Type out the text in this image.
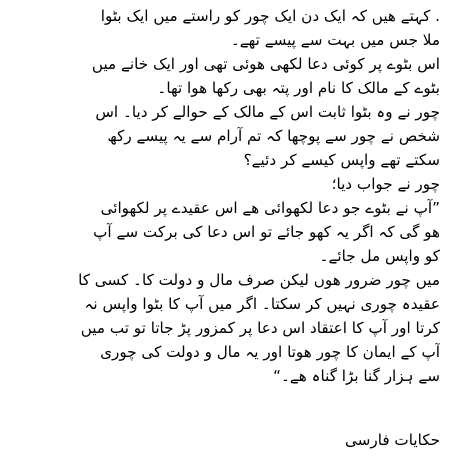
. کہتے ھیں کہ ایک دن ایک چور کو راستے میں ایک بٹوا
ملا جس میں بہت سے پیسے تھے۔
اس بٹوے پر کوئی دعا لکھی ھوئی تھی اور ایک خانے میں
بٹوے کے مالک کا نام اور پتہ بھی رکھا ھوا تھا۔
چور نے وہ بٹوا ثابت اس کے مالک کے حوالے کر دیا۔ اس
شخص نے چور سے پوچھا کہ تم آرام سے یہ پیسے رکھ
سکتے تھے واپس کیسے کر دئیے؟
چور نے جواب دیا؛
”آپ نے بٹوے جو دعا لکھوائی ھے اس عقیدے پر لکھوائی
ھو گی کہ اگر یہ کھو جائے تو اس دعا کی برکت سے آپ
کو واپس مل جائے۔
میں چور ضرور ھوں لیکن صرف مال و دولت کا۔ کسی کا
عقیدہ چوری نہیں کر سکتا۔ اگر میں آپ کا بٹوا واپس نہ
کرتا اور آپ کا اعتقاد اس دعا پر کمزور پڑ جاتا تو تب میں
آپ کے ایمان کا چور ھوتا اور یہ مال و دولت کی چوری
سے ہزار گنا بڑا گناہ ھے۔“
حکایات فارسی
